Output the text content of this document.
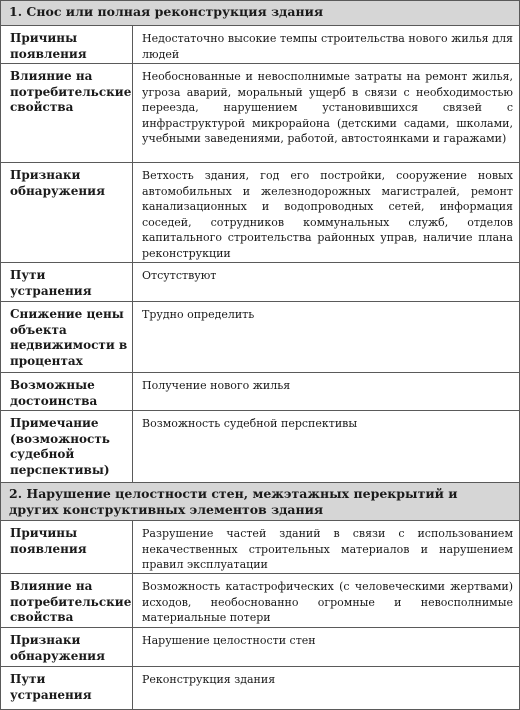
1. Снос или полная реконструкция здания
Причины появления
Недостаточно высокие темпы строительства нового жилья для людей
Влияние на потребительские свойства
Необоснованные и невосполнимые затраты на ремонт жилья, угроза аварий, моральный ущерб в связи с необходимостью переезда, нарушением установившихся связей с инфраструктурой микрорайона (детскими садами, школами, учебными заведениями, работой, автостоянками и гаражами)
Признаки обнаружения
Ветхость здания, год его постройки, сооружение новых автомобильных и железнодорожных магистралей, ремонт канализационных и водопроводных сетей, информация соседей, сотрудников коммунальных служб, отделов капитального строительства районных управ, наличие плана реконструкции
Пути устранения
Отсутствуют
Снижение цены объекта недвижимости в процентах
Трудно определить
Возможные достоинства
Получение нового жилья
Примечание (возможность судебной перспективы)
Возможность судебной перспективы
2. Нарушение целостности стен, межэтажных перекрытий и других конструктивных элементов здания
Причины появления
Разрушение частей зданий в связи с использованием некачественных строительных материалов и нарушением правил эксплуатации
Влияние на потребительские свойства
Возможность катастрофических (с человеческими жертвами) исходов, необоснованно огромные и невосполнимые материальные потери
Признаки обнаружения
Нарушение целостности стен
Пути устранения
Реконструкция здания
